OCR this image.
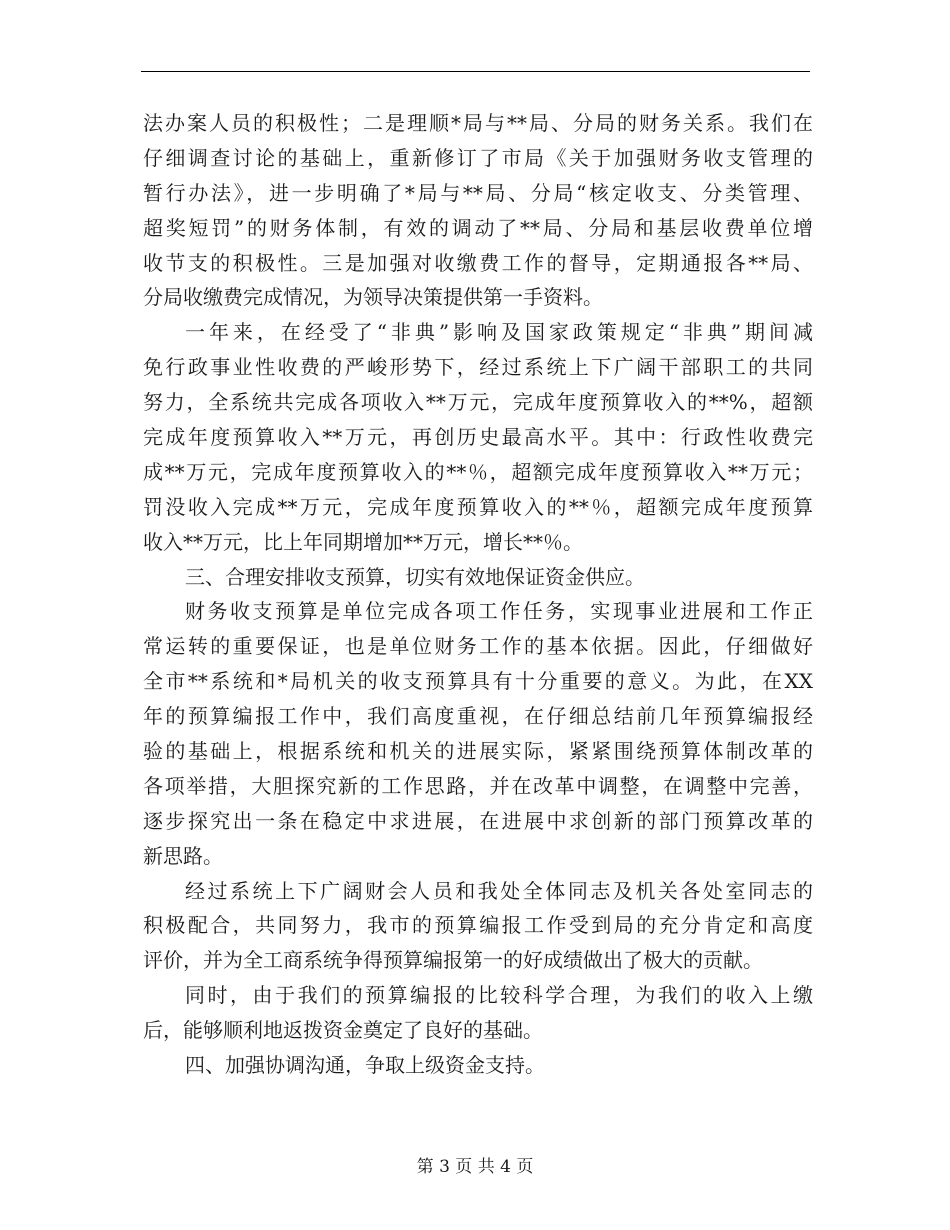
法办案人员的积极性；二是理顺*局与**局、分局的财务关系。我们在
仔细调查讨论的基础上，重新修订了市局《关于加强财务收支管理的
暂行办法》，进一步明确了*局与**局、分局“核定收支、分类管理、
超奖短罚”的财务体制，有效的调动了**局、分局和基层收费单位增
收节支的积极性。三是加强对收缴费工作的督导，定期通报各**局、
分局收缴费完成情况，为领导决策提供第一手资料。
一年来，在经受了“非典”影响及国家政策规定“非典”期间减
免行政事业性收费的严峻形势下，经过系统上下广阔干部职工的共同
努力，全系统共完成各项收入**万元，完成年度预算收入的**%，超额
完成年度预算收入**万元，再创历史最高水平。其中：行政性收费完
成**万元，完成年度预算收入的**％，超额完成年度预算收入**万元；
罚没收入完成**万元，完成年度预算收入的**％，超额完成年度预算
收入**万元，比上年同期增加**万元，增长**％。
三、合理安排收支预算，切实有效地保证资金供应。
财务收支预算是单位完成各项工作任务，实现事业进展和工作正
常运转的重要保证，也是单位财务工作的基本依据。因此，仔细做好
全市**系统和*局机关的收支预算具有十分重要的意义。为此，在XX
年的预算编报工作中，我们高度重视，在仔细总结前几年预算编报经
验的基础上，根据系统和机关的进展实际，紧紧围绕预算体制改革的
各项举措，大胆探究新的工作思路，并在改革中调整，在调整中完善，
逐步探究出一条在稳定中求进展，在进展中求创新的部门预算改革的
新思路。
经过系统上下广阔财会人员和我处全体同志及机关各处室同志的
积极配合，共同努力，我市的预算编报工作受到局的充分肯定和高度
评价，并为全工商系统争得预算编报第一的好成绩做出了极大的贡献。
同时，由于我们的预算编报的比较科学合理，为我们的收入上缴
后，能够顺利地返拨资金奠定了良好的基础。
四、加强协调沟通，争取上级资金支持。
第 3 页 共 4 页
